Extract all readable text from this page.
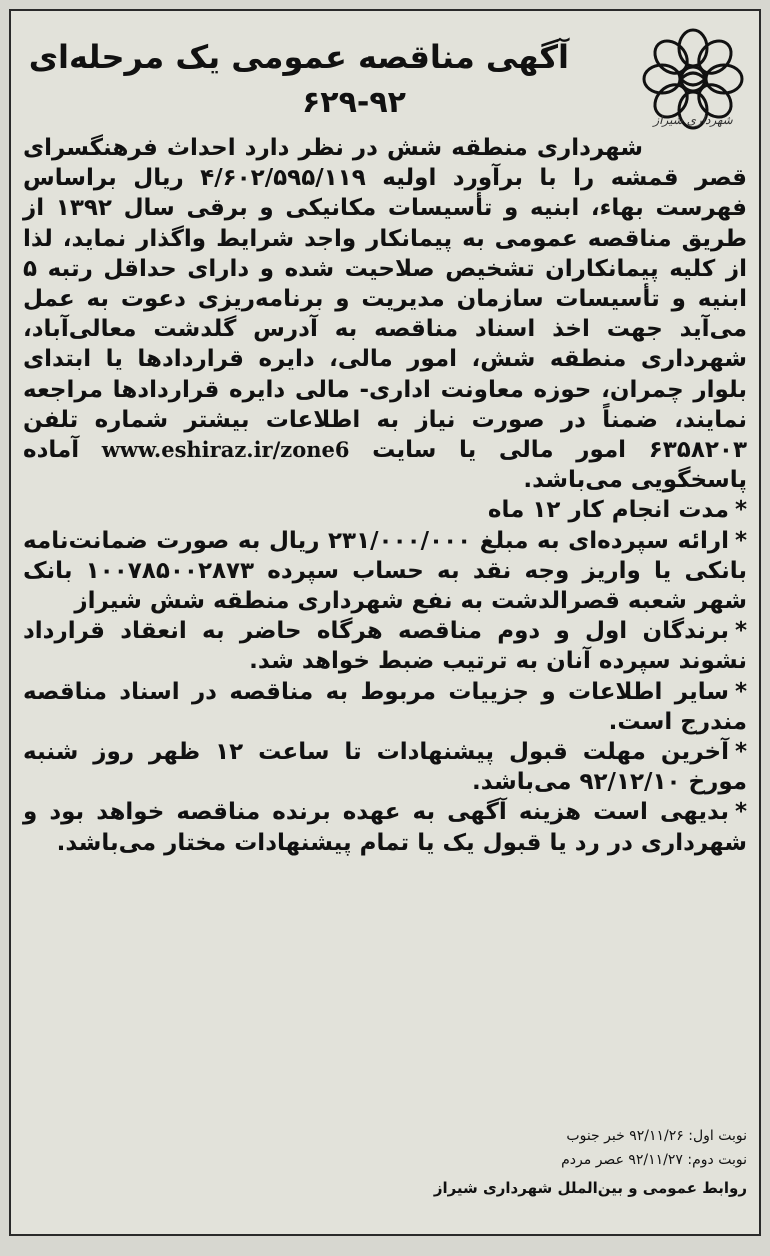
شهرداری شیراز
آگهی مناقصه عمومی یک مرحله‌ای
۶۲۹-۹۲

شهرداری منطقه شش در نظر دارد احداث فرهنگسرای قصر قمشه را با برآورد اولیه ۴/۶۰۲/۵۹۵/۱۱۹ ریال براساس فهرست بهاء، ابنیه و تأسیسات مکانیکی و برقی سال ۱۳۹۲ از طریق مناقصه عمومی به پیمانکار واجد شرایط واگذار نماید، لذا از کلیه پیمانکاران تشخیص صلاحیت شده و دارای حداقل رتبه ۵ ابنیه و تأسیسات سازمان مدیریت و برنامه‌ریزی دعوت به عمل می‌آید جهت اخذ اسناد مناقصه به آدرس گلدشت معالی‌آباد، شهرداری منطقه شش، امور مالی، دایره قراردادها یا ابتدای بلوار چمران، حوزه معاونت اداری- مالی دایره قراردادها مراجعه نمایند، ضمناً در صورت نیاز به اطلاعات بیشتر شماره تلفن ۶۳۵۸۲۰۳ امور مالی یا سایت www.eshiraz.ir/zone6 آماده پاسخگویی می‌باشد.

*مدت انجام کار ۱۲ ماه

*ارائه سپرده‌ای به مبلغ ۲۳۱/۰۰۰/۰۰۰ ریال به صورت ضمانت‌نامه بانکی یا واریز وجه نقد به حساب سپرده ۱۰۰۷۸۵۰۰۲۸۷۳ بانک شهر شعبه قصرالدشت به نفع شهرداری منطقه شش شیراز

*برندگان اول و دوم مناقصه هرگاه حاضر به انعقاد قرارداد نشوند سپرده آنان به ترتیب ضبط خواهد شد.

*سایر اطلاعات و جزییات مربوط به مناقصه در اسناد مناقصه مندرج است.

*آخرین مهلت قبول پیشنهادات تا ساعت ۱۲ ظهر روز شنبه مورخ ۹۲/۱۲/۱۰ می‌باشد.

*بدیهی است هزینه آگهی به عهده برنده مناقصه خواهد بود و شهرداری در رد یا قبول یک یا تمام پیشنهادات مختار می‌باشد.

نوبت اول: ۹۲/۱۱/۲۶ خبر جنوب
نوبت دوم: ۹۲/۱۱/۲۷ عصر مردم
روابط عمومی و بین‌الملل شهرداری شیراز
